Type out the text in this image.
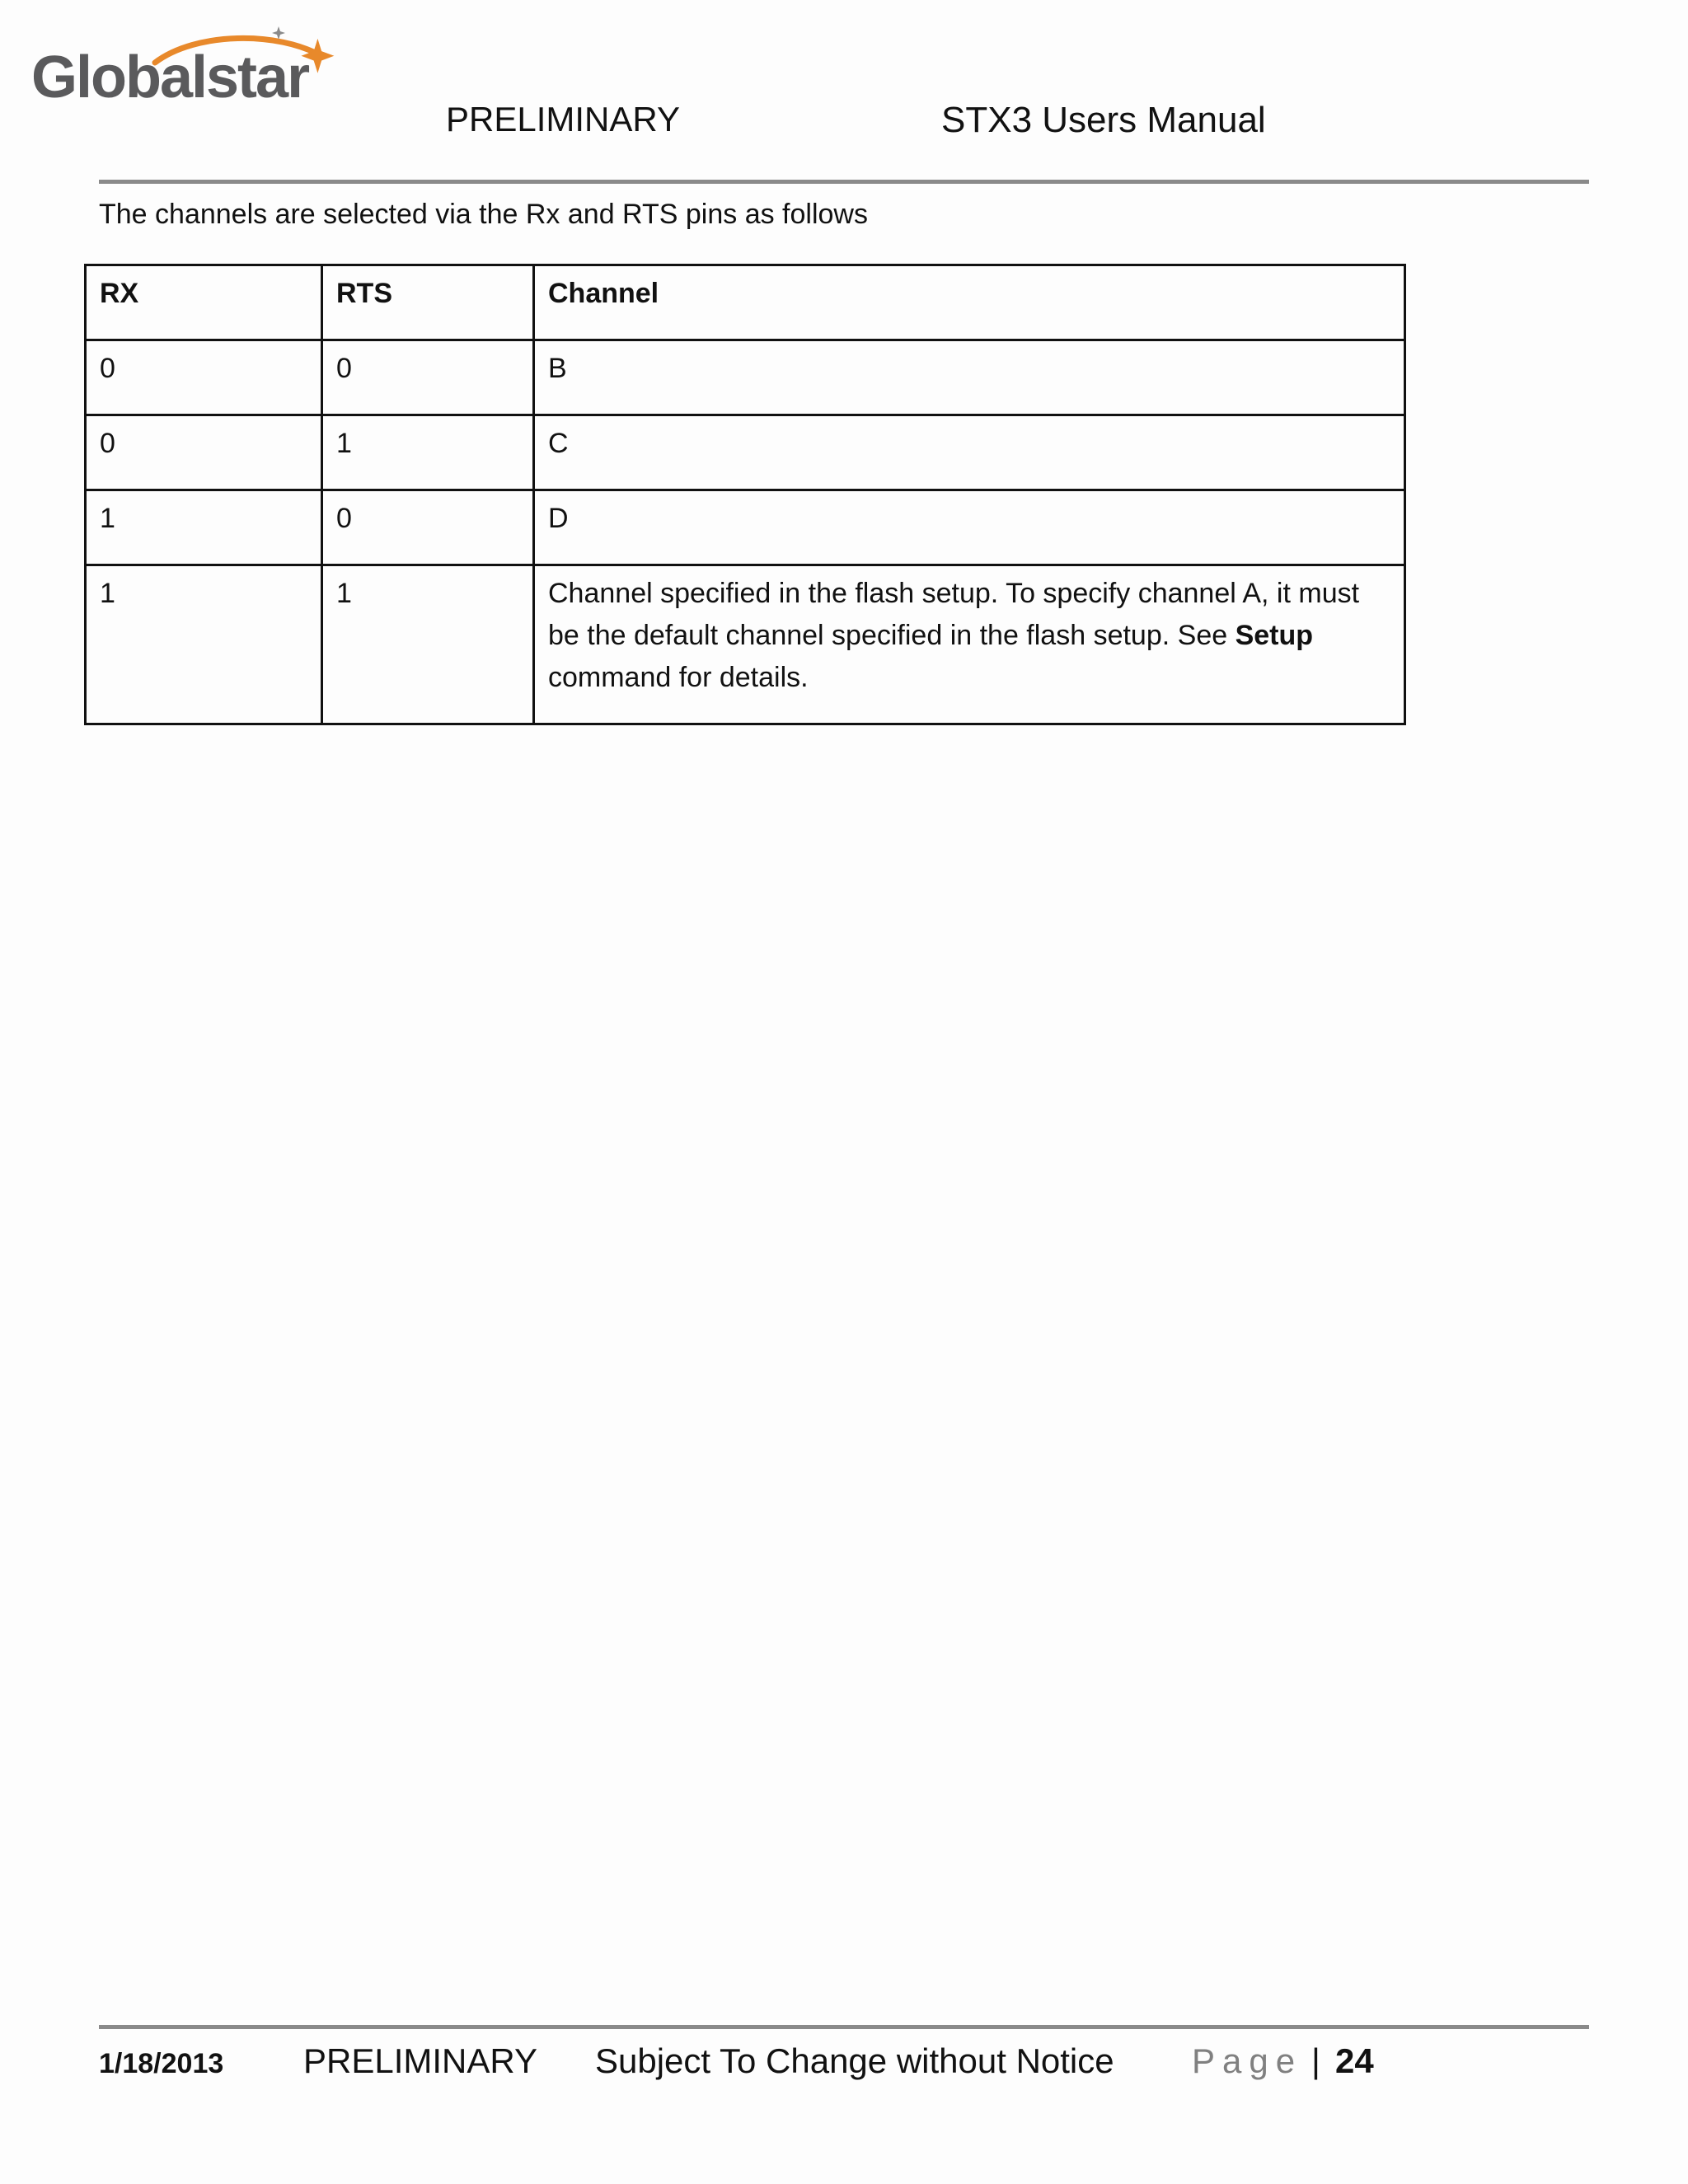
Globalstar
PRELIMINARY	STX3 Users Manual
The channels are selected via the Rx and RTS pins as follows
RX	RTS	Channel
0	0	B
0	1	C
1	0	D
1	1	Channel specified in the flash setup. To specify channel A, it must be the default channel specified in the flash setup. See Setup command for details.
1/18/2013 PRELIMINARY Subject To Change without Notice Page | 24
